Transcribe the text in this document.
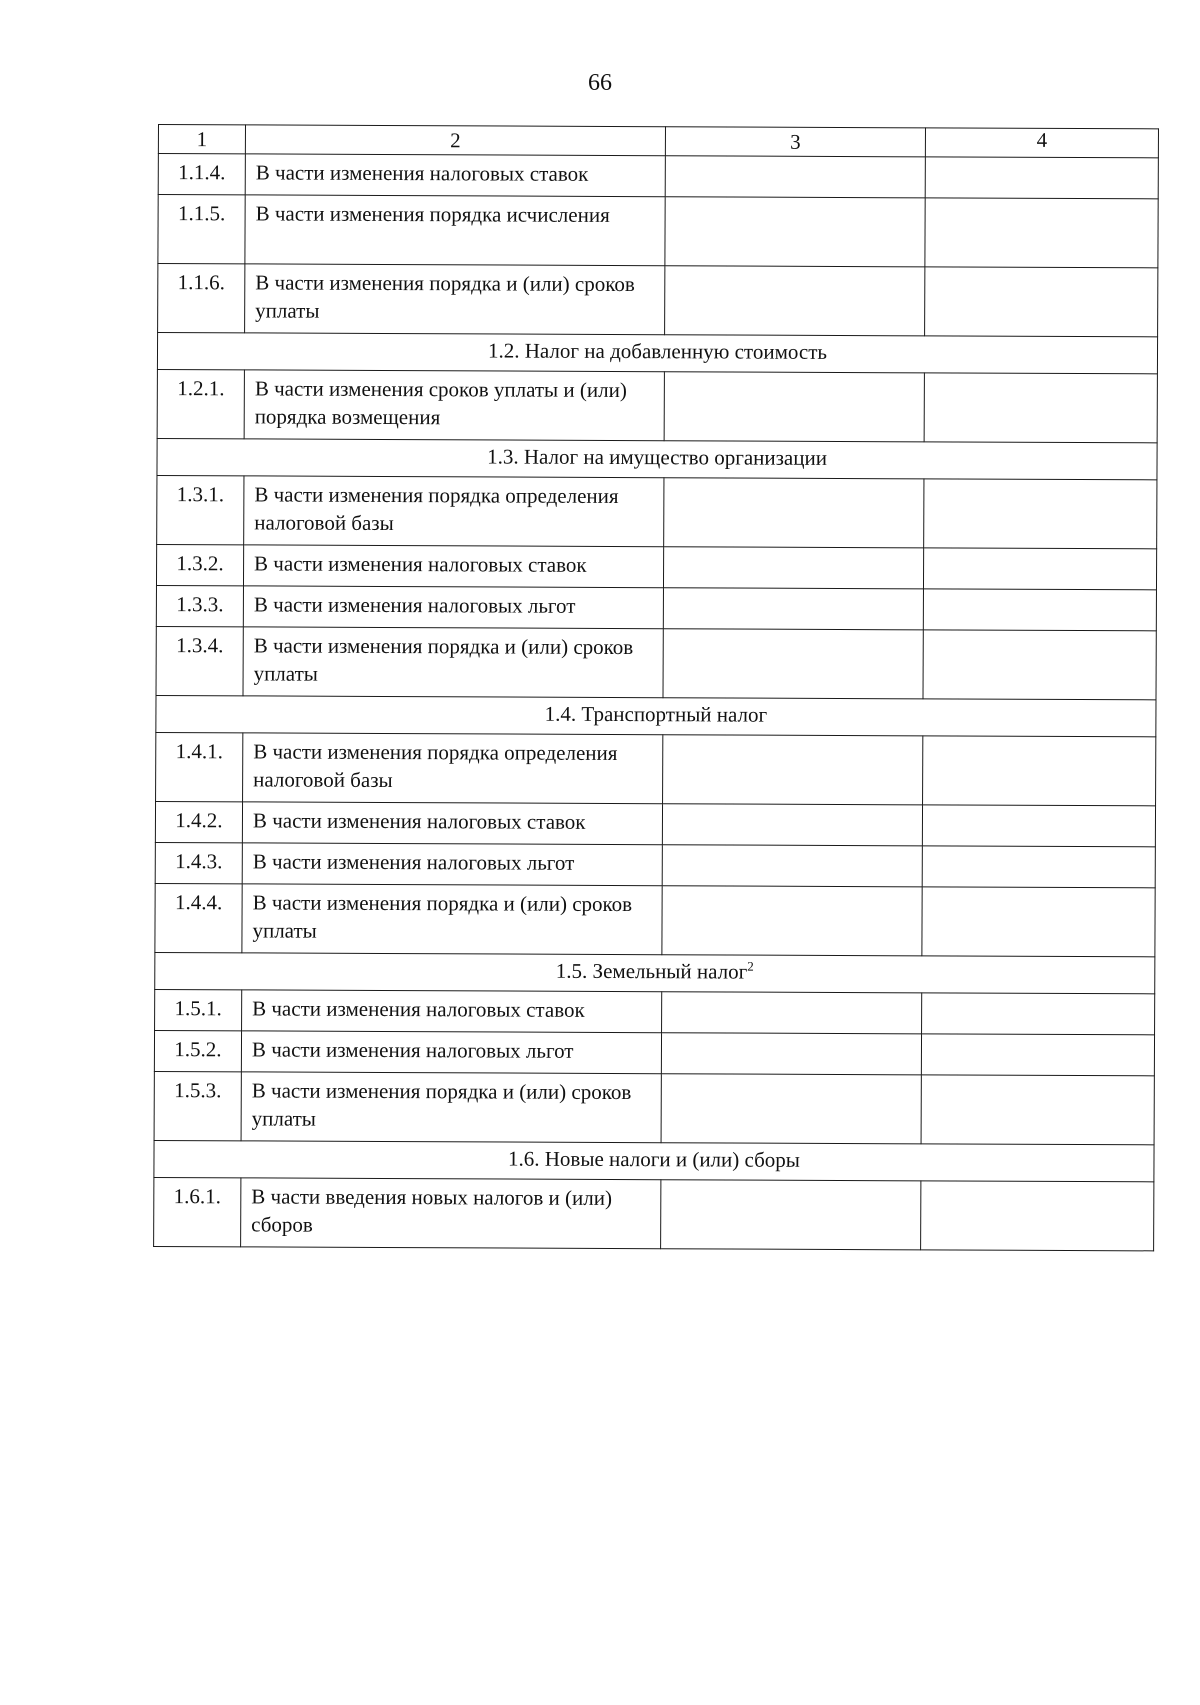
66
1	2	3	4
1.1.4.	В части изменения налоговых ставок		
1.1.5.	В части изменения порядка исчисления		
1.1.6.	В части изменения порядка и (или) сроков уплаты		
1.2. Налог на добавленную стоимость			
1.2.1.	В части изменения сроков уплаты и (или) порядка возмещения		
1.3. Налог на имущество организации			
1.3.1.	В части изменения порядка определения налоговой базы		
1.3.2.	В части изменения налоговых ставок		
1.3.3.	В части изменения налоговых льгот		
1.3.4.	В части изменения порядка и (или) сроков уплаты		
1.4. Транспортный налог			
1.4.1.	В части изменения порядка определения налоговой базы		
1.4.2.	В части изменения налоговых ставок		
1.4.3.	В части изменения налоговых льгот		
1.4.4.	В части изменения порядка и (или) сроков уплаты		
1.5. Земельный налог$^2$
1.5.1.	В части изменения налоговых ставок		
1.5.2.	В части изменения налоговых льгот		
1.5.3.	В части изменения порядка и (или) сроков уплаты		
1.6. Новые налоги и (или) сборы			
1.6.1.	В части введения новых налогов и (или) сборов		
